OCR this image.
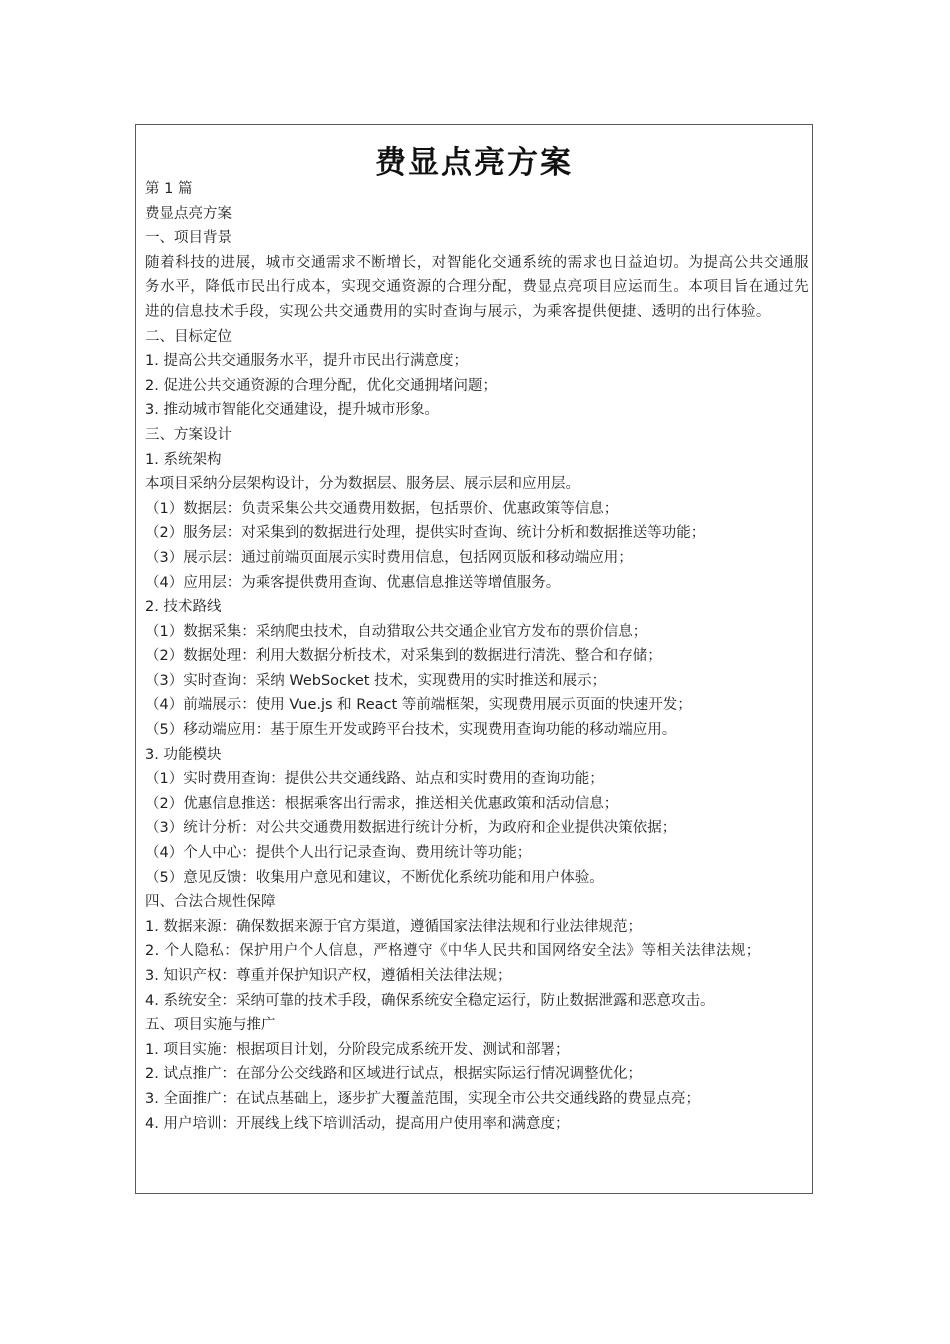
费显点亮方案

第 1 篇

费显点亮方案

一、项目背景

随着科技的进展，城市交通需求不断增长，对智能化交通系统的需求也日益迫切。为提高公共交通服务水平，降低市民出行成本，实现交通资源的合理分配，费显点亮项目应运而生。本项目旨在通过先进的信息技术手段，实现公共交通费用的实时查询与展示，为乘客提供便捷、透明的出行体验。

二、目标定位

1. 提高公共交通服务水平，提升市民出行满意度；

2. 促进公共交通资源的合理分配，优化交通拥堵问题；

3. 推动城市智能化交通建设，提升城市形象。

三、方案设计

1. 系统架构

本项目采纳分层架构设计，分为数据层、服务层、展示层和应用层。

（1）数据层：负责采集公共交通费用数据，包括票价、优惠政策等信息；

（2）服务层：对采集到的数据进行处理，提供实时查询、统计分析和数据推送等功能；

（3）展示层：通过前端页面展示实时费用信息，包括网页版和移动端应用；

（4）应用层：为乘客提供费用查询、优惠信息推送等增值服务。

2. 技术路线

（1）数据采集：采纳爬虫技术，自动猎取公共交通企业官方发布的票价信息；

（2）数据处理：利用大数据分析技术，对采集到的数据进行清洗、整合和存储；

（3）实时查询：采纳 WebSocket 技术，实现费用的实时推送和展示；

（4）前端展示：使用 Vue.js 和 React 等前端框架，实现费用展示页面的快速开发；

（5）移动端应用：基于原生开发或跨平台技术，实现费用查询功能的移动端应用。

3. 功能模块

（1）实时费用查询：提供公共交通线路、站点和实时费用的查询功能；

（2）优惠信息推送：根据乘客出行需求，推送相关优惠政策和活动信息；

（3）统计分析：对公共交通费用数据进行统计分析，为政府和企业提供决策依据；

（4）个人中心：提供个人出行记录查询、费用统计等功能；

（5）意见反馈：收集用户意见和建议，不断优化系统功能和用户体验。

四、合法合规性保障

1. 数据来源：确保数据来源于官方渠道，遵循国家法律法规和行业法律规范；

2. 个人隐私：保护用户个人信息，严格遵守《中华人民共和国网络安全法》等相关法律法规；

3. 知识产权：尊重并保护知识产权，遵循相关法律法规；

4. 系统安全：采纳可靠的技术手段，确保系统安全稳定运行，防止数据泄露和恶意攻击。

五、项目实施与推广

1. 项目实施：根据项目计划，分阶段完成系统开发、测试和部署；

2. 试点推广：在部分公交线路和区域进行试点，根据实际运行情况调整优化；

3. 全面推广：在试点基础上，逐步扩大覆盖范围，实现全市公共交通线路的费显点亮；

4. 用户培训：开展线上线下培训活动，提高用户使用率和满意度；
